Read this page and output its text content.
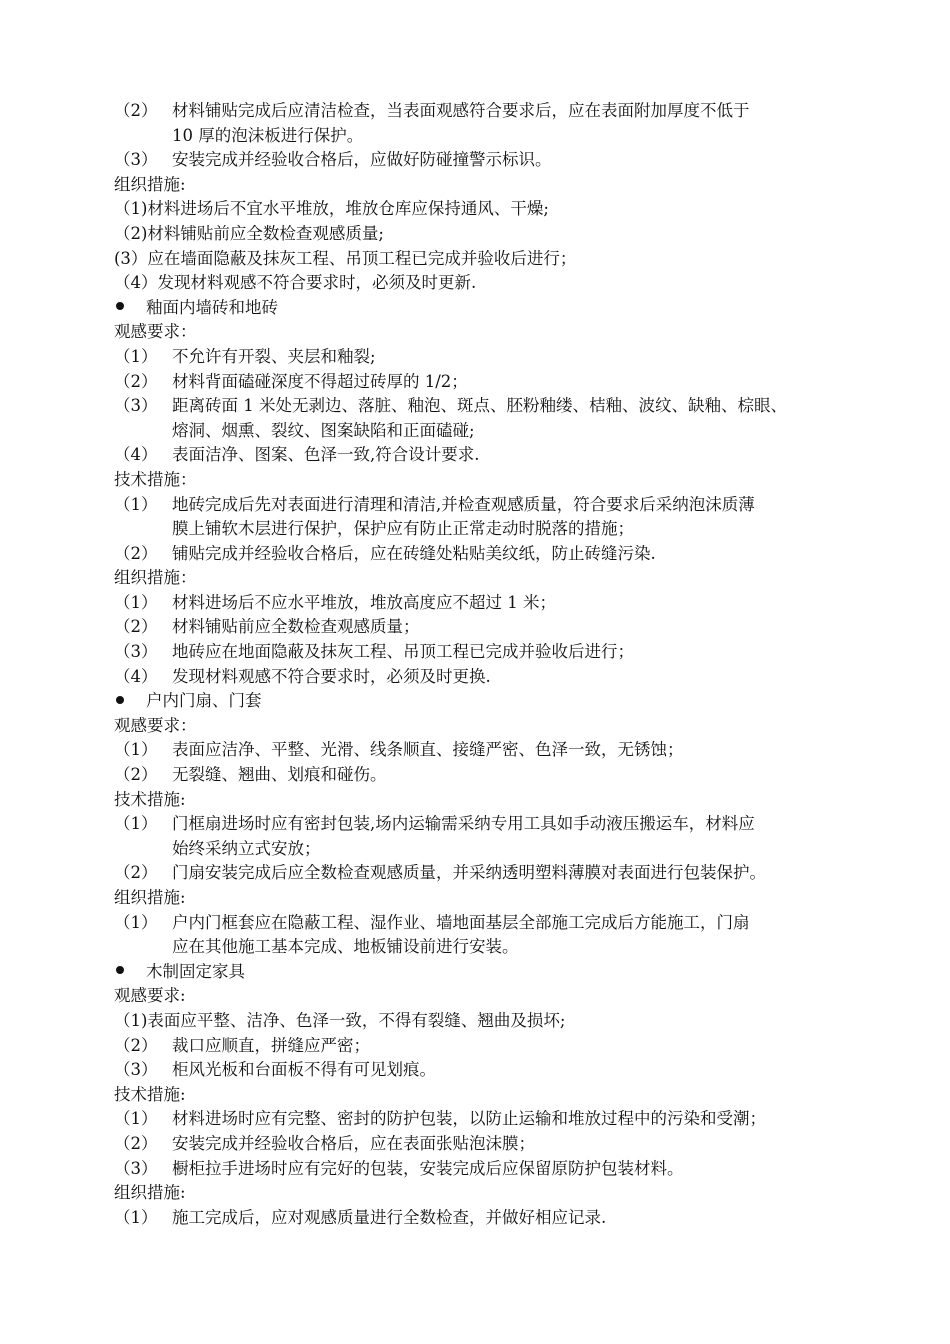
（2） 材料铺贴完成后应清洁检查，当表面观感符合要求后，应在表面附加厚度不低于
10 厚的泡沫板进行保护。
（3） 安装完成并经验收合格后，应做好防碰撞警示标识。
组织措施:
（1)材料进场后不宜水平堆放，堆放仓库应保持通风、干燥;
（2)材料铺贴前应全数检查观感质量;
(3）应在墙面隐蔽及抹灰工程、吊顶工程已完成并验收后进行；
（4）发现材料观感不符合要求时，必须及时更新.
釉面内墙砖和地砖
观感要求：
（1） 不允许有开裂、夹层和釉裂;
（2） 材料背面磕碰深度不得超过砖厚的 1/2；
（3） 距离砖面 1 米处无剥边、落脏、釉泡、斑点、胚粉釉缕、桔釉、波纹、缺釉、棕眼、
熔洞、烟熏、裂纹、图案缺陷和正面磕碰;
（4） 表面洁净、图案、色泽一致,符合设计要求.
技术措施：
（1） 地砖完成后先对表面进行清理和清洁,并检查观感质量，符合要求后采纳泡沫质薄
膜上铺软木层进行保护，保护应有防止正常走动时脱落的措施；
（2） 铺贴完成并经验收合格后，应在砖缝处粘贴美纹纸，防止砖缝污染.
组织措施：
（1） 材料进场后不应水平堆放，堆放高度应不超过 1 米；
（2） 材料铺贴前应全数检查观感质量；
（3） 地砖应在地面隐蔽及抹灰工程、吊顶工程已完成并验收后进行；
（4） 发现材料观感不符合要求时，必须及时更换.
户内门扇、门套
观感要求：
（1） 表面应洁净、平整、光滑、线条顺直、接缝严密、色泽一致，无锈蚀；
（2） 无裂缝、翘曲、划痕和碰伤。
技术措施:
（1） 门框扇进场时应有密封包装,场内运输需采纳专用工具如手动液压搬运车，材料应
始终采纳立式安放；
（2） 门扇安装完成后应全数检查观感质量，并采纳透明塑料薄膜对表面进行包装保护。
组织措施:
（1） 户内门框套应在隐蔽工程、湿作业、墙地面基层全部施工完成后方能施工，门扇
应在其他施工基本完成、地板铺设前进行安装。
木制固定家具
观感要求:
（1)表面应平整、洁净、色泽一致，不得有裂缝、翘曲及损坏;
（2） 裁口应顺直，拼缝应严密；
（3） 柜风光板和台面板不得有可见划痕。
技术措施:
（1） 材料进场时应有完整、密封的防护包装，以防止运输和堆放过程中的污染和受潮；
（2） 安装完成并经验收合格后，应在表面张贴泡沫膜；
（3） 橱柜拉手进场时应有完好的包装，安装完成后应保留原防护包装材料。
组织措施:
（1） 施工完成后，应对观感质量进行全数检查，并做好相应记录.
